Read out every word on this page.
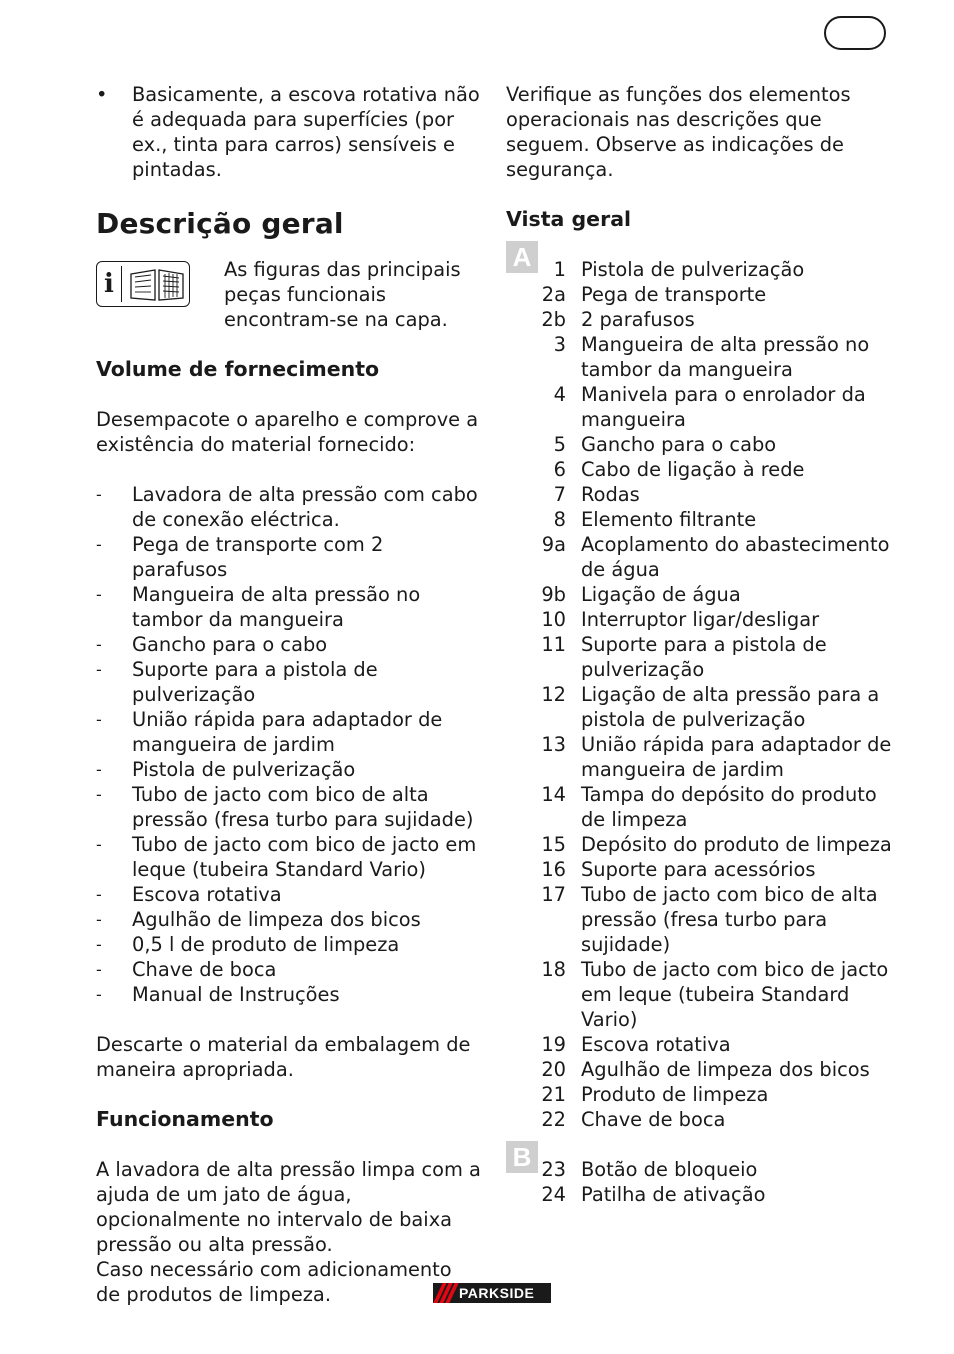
•	Basicamente, a escova rotativa não é adequada para superfícies (por ex., tinta para carros) sensíveis e pintadas.
Descrição geral
i	As figuras das principais peças funcionais encontram-se na capa.
Volume de fornecimento

Desempacote o aparelho e comprove a existência do material fornecido:

-	Lavadora de alta pressão com cabo de conexão eléctrica.
-	Pega de transporte com 2 parafusos
-	Mangueira de alta pressão no tambor da mangueira
-	Gancho para o cabo
-	Suporte para a pistola de pulverização
-	União rápida para adaptador de mangueira de jardim
-	Pistola de pulverização
-	Tubo de jacto com bico de alta pressão (fresa turbo para sujidade)
-	Tubo de jacto com bico de jacto em leque (tubeira Standard Vario)
-	Escova rotativa
-	Agulhão de limpeza dos bicos
-	0,5 l de produto de limpeza
-	Chave de boca
-	Manual de Instruções

Descarte o material da embalagem de maneira apropriada.

Funcionamento

A lavadora de alta pressão limpa com a ajuda de um jato de água, opcionalmente no intervalo de baixa pressão ou alta pressão.

Caso necessário com adicionamento de produtos de limpeza.

Verifique as funções dos elementos operacionais nas descrições que seguem. Observe as indicações de segurança.

Vista geral
1 Pistola de pulverização
2a Pega de transporte
2b 2 parafusos
3 Mangueira de alta pressão no tambor da mangueira
4 Manivela para o enrolador da mangueira
5 Gancho para o cabo
6 Cabo de ligação à rede
7 Rodas
8 Elemento filtrante
9a Acoplamento do abastecimento de água
9b Ligação de água
10 Interruptor ligar/desligar
11 Suporte para a pistola de pulverização
12 Ligação de alta pressão para a pistola de pulverização
13 União rápida para adaptador de mangueira de jardim
14 Tampa do depósito do produto de limpeza
15 Depósito do produto de limpeza
16 Suporte para acessórios
17 Tubo de jacto com bico de alta pressão (fresa turbo para sujidade)
18 Tubo de jacto com bico de jacto em leque (tubeira Standard Vario)
19 Escova rotativa
20 Agulhão de limpeza dos bicos
21 Produto de limpeza
22 Chave de boca
23 Botão de bloqueio
24 Patilha de ativação
A
B
PARKSIDE
